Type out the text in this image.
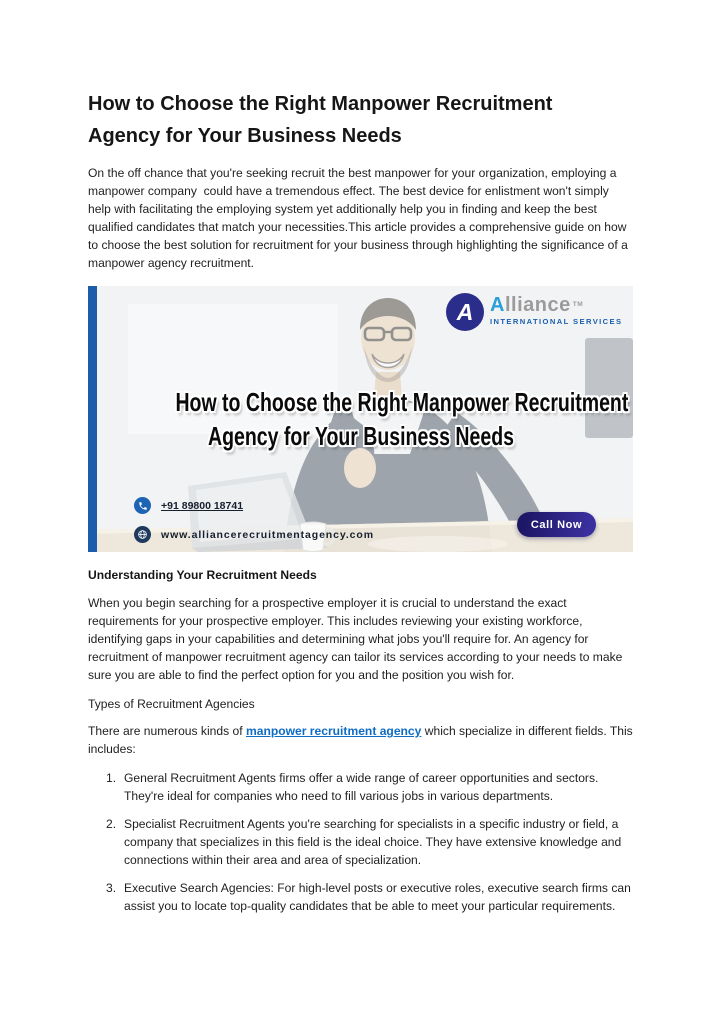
How to Choose the Right Manpower Recruitment
Agency for Your Business Needs

On the off chance that you're seeking recruit the best manpower for your organization, employing a manpower company  could have a tremendous effect. The best device for enlistment won't simply help with facilitating the employing system yet additionally help you in finding and keep the best qualified candidates that match your necessities.This article provides a comprehensive guide on how to choose the best solution for recruitment for your business through highlighting the significance of a manpower agency recruitment.

A Alliance ™
INTERNATIONAL SERVICES
How to Choose the Right Manpower Recruitment
Agency for Your Business Needs
+91 89800 18741
www.alliancerecruitmentagency.com
Call Now
Understanding Your Recruitment Needs

When you begin searching for a prospective employer it is crucial to understand the exact requirements for your prospective employer. This includes reviewing your existing workforce, identifying gaps in your capabilities and determining what jobs you'll require for. An agency for recruitment of manpower recruitment agency can tailor its services according to your needs to make sure you are able to find the perfect option for you and the position you wish for.

Types of Recruitment Agencies

There are numerous kinds of manpower recruitment agency which specialize in different fields. This includes:

1. General Recruitment Agents firms offer a wide range of career opportunities and sectors. They're ideal for companies who need to fill various jobs in various departments.
2. Specialist Recruitment Agents you're searching for specialists in a specific industry or field, a company that specializes in this field is the ideal choice. They have extensive knowledge and connections within their area and area of specialization.
3. Executive Search Agencies: For high-level posts or executive roles, executive search firms can assist you to locate top-quality candidates that be able to meet your particular requirements.
